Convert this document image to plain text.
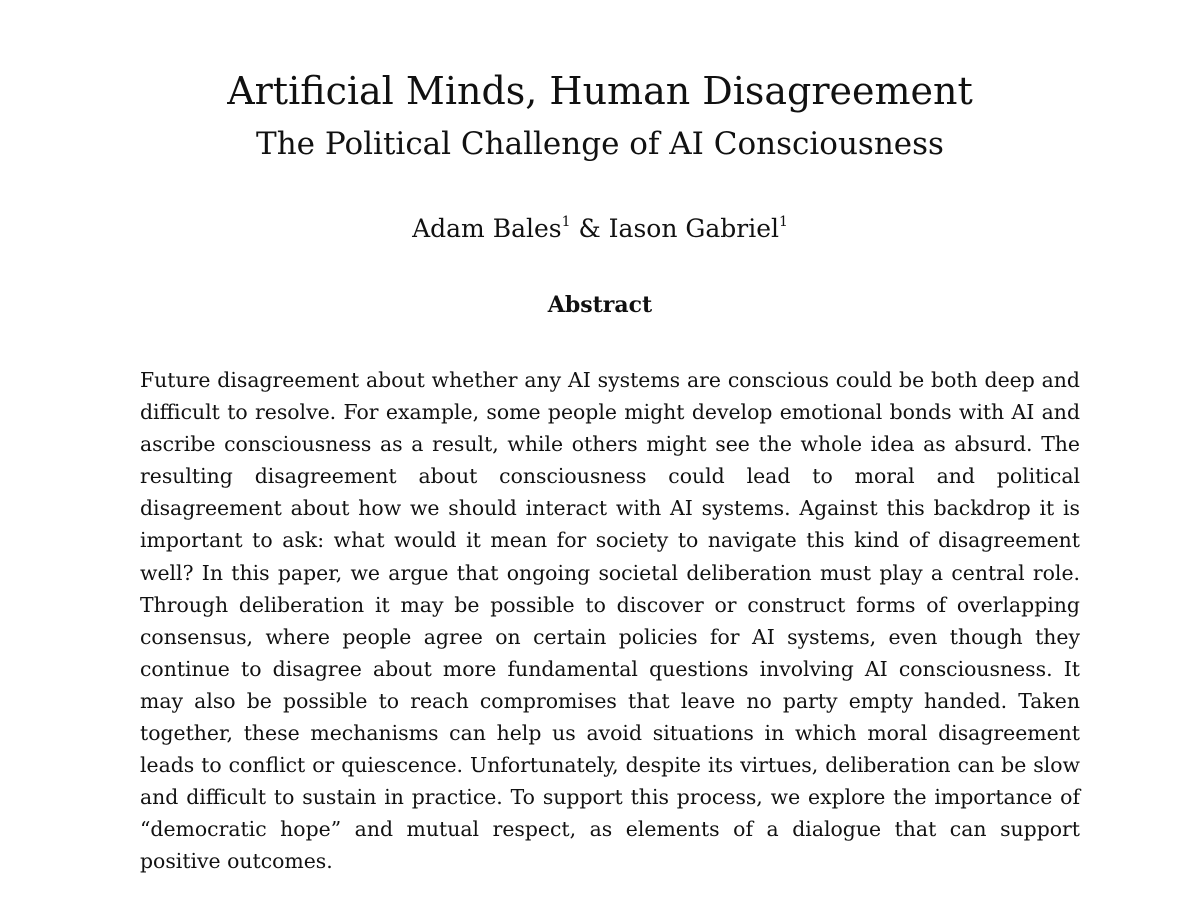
Artificial Minds, Human Disagreement
The Political Challenge of AI Consciousness
Adam Bales$^1$ & Iason Gabriel$^1$
Abstract

Future disagreement about whether any AI systems are conscious could be both deep and difficult to resolve. For example, some people might develop emotional bonds with AI and ascribe consciousness as a result, while others might see the whole idea as absurd. The resulting disagreement about consciousness could lead to moral and political disagreement about how we should interact with AI systems. Against this backdrop it is important to ask: what would it mean for society to navigate this kind of disagreement well? In this paper, we argue that ongoing societal deliberation must play a central role. Through deliberation it may be possible to discover or construct forms of overlapping consensus, where people agree on certain policies for AI systems, even though they continue to disagree about more fundamental questions involving AI consciousness. It may also be possible to reach compromises that leave no party empty handed. Taken together, these mechanisms can help us avoid situations in which moral disagreement leads to conflict or quiescence. Unfortunately, despite its virtues, deliberation can be slow and difficult to sustain in practice. To support this process, we explore the importance of “democratic hope” and mutual respect, as elements of a dialogue that can support positive outcomes.
